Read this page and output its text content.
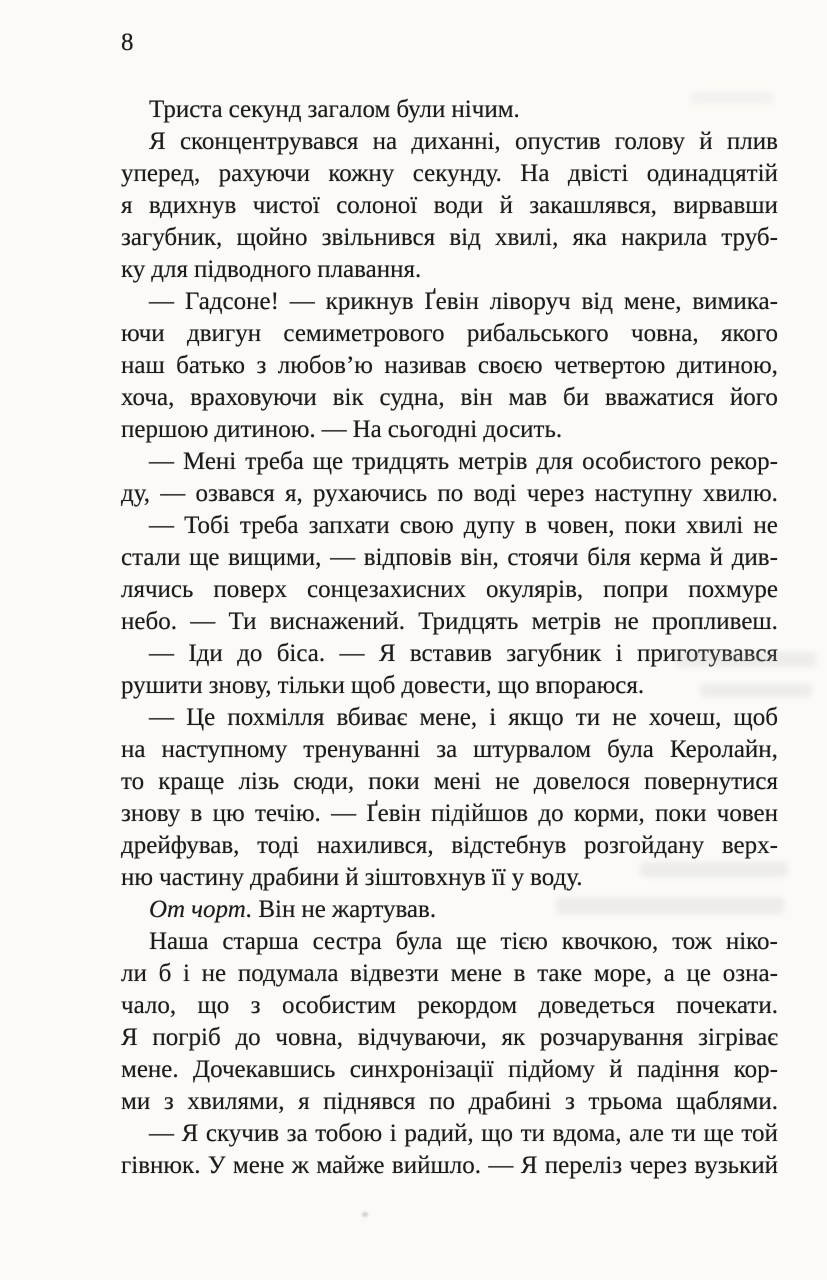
8
Триста секунд загалом були нічим.
Я сконцентрувався на диханні, опустив голову й плив
уперед, рахуючи кожну секунду. На двісті одинадцятій
я вдихнув чистої солоної води й закашлявся, вирвавши
загубник, щойно звільнився від хвилі, яка накрила труб-
ку для підводного плавання.
— Гадсоне! — крикнув Ґевін ліворуч від мене, вимика-
ючи двигун семиметрового рибальського човна, якого
наш батько з любов’ю називав своєю четвертою дитиною,
хоча, враховуючи вік судна, він мав би вважатися його
першою дитиною. — На сьогодні досить.
— Мені треба ще тридцять метрів для особистого рекор-
ду, — озвався я, рухаючись по воді через наступну хвилю.
— Тобі треба запхати свою дупу в човен, поки хвилі не
стали ще вищими, — відповів він, стоячи біля керма й див-
лячись поверх сонцезахисних окулярів, попри похмуре
небо. — Ти виснажений. Тридцять метрів не пропливеш.
— Іди до біса. — Я вставив загубник і приготувався
рушити знову, тільки щоб довести, що впораюся.
— Це похмілля вбиває мене, і якщо ти не хочеш, щоб
на наступному тренуванні за штурвалом була Керолайн,
то краще лізь сюди, поки мені не довелося повернутися
знову в цю течію. — Ґевін підійшов до корми, поки човен
дрейфував, тоді нахилився, відстебнув розгойдану верх-
ню частину драбини й зіштовхнув її у воду.
От чорт. Він не жартував.
Наша старша сестра була ще тією квочкою, тож ніко-
ли б і не подумала відвезти мене в таке море, а це озна-
чало, що з особистим рекордом доведеться почекати.
Я погріб до човна, відчуваючи, як розчарування зігріває
мене. Дочекавшись синхронізації підйому й падіння кор-
ми з хвилями, я піднявся по драбині з трьома щаблями.
— Я скучив за тобою і радий, що ти вдома, але ти ще той
гівнюк. У мене ж майже вийшло. — Я переліз через вузький
